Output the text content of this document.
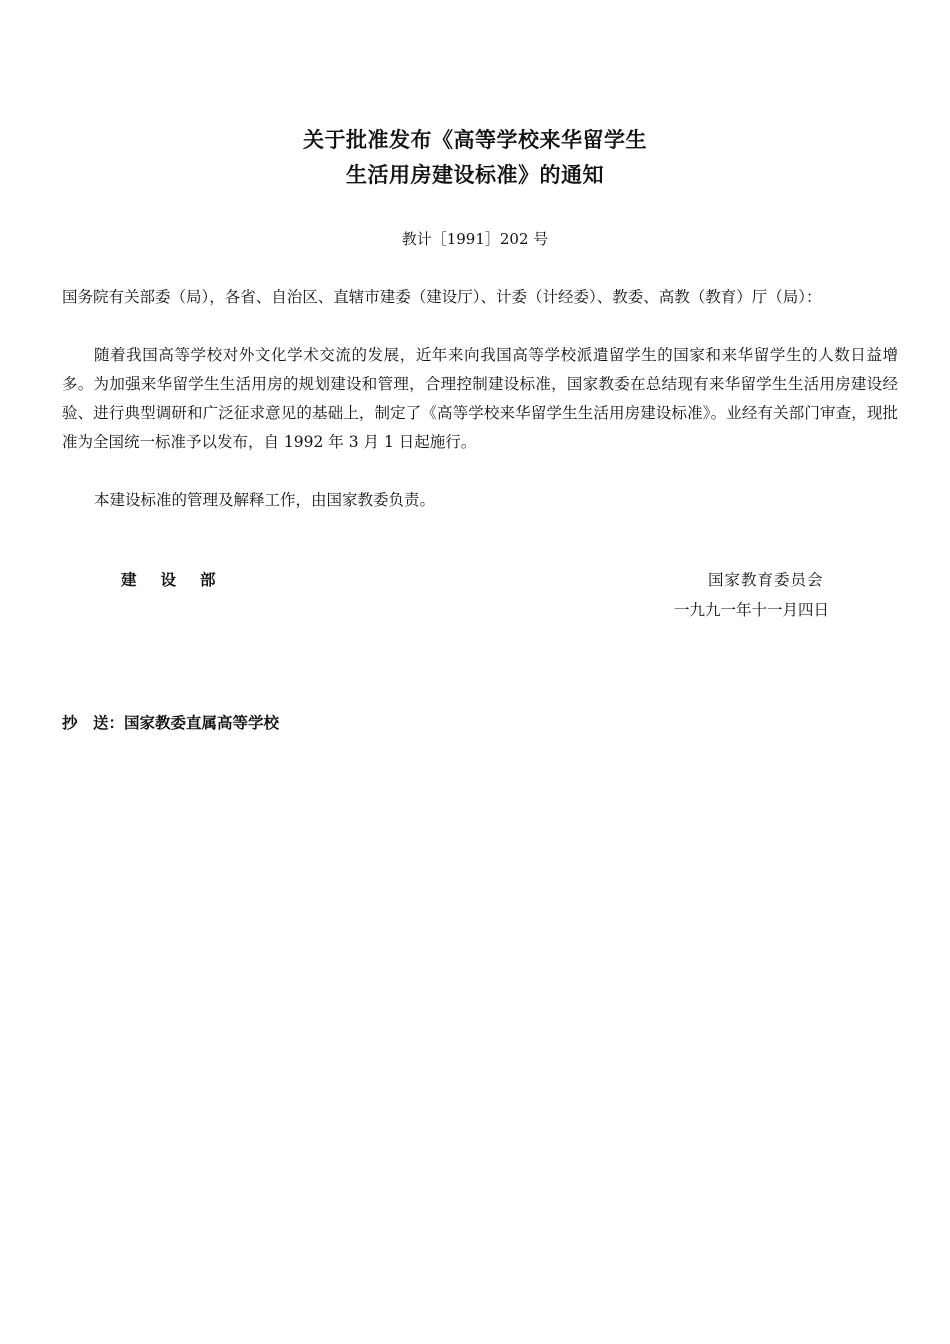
关于批准发布《高等学校来华留学生
生活用房建设标准》的通知
教计［1991］202 号
国务院有关部委（局），各省、自治区、直辖市建委（建设厅）、计委（计经委）、教委、高教（教育）厅（局）：
随着我国高等学校对外文化学术交流的发展，近年来向我国高等学校派遣留学生的国家和来华留学生的人数日益增多。为加强来华留学生生活用房的规划建设和管理，合理控制建设标准，国家教委在总结现有来华留学生生活用房建设经验、进行典型调研和广泛征求意见的基础上，制定了《高等学校来华留学生生活用房建设标准》。业经有关部门审查，现批准为全国统一标准予以发布，自 1992 年 3 月 1 日起施行。
本建设标准的管理及解释工作，由国家教委负责。
建设部	国家教育委员会
一九九一年十一月四日
抄　送：国家教委直属高等学校
